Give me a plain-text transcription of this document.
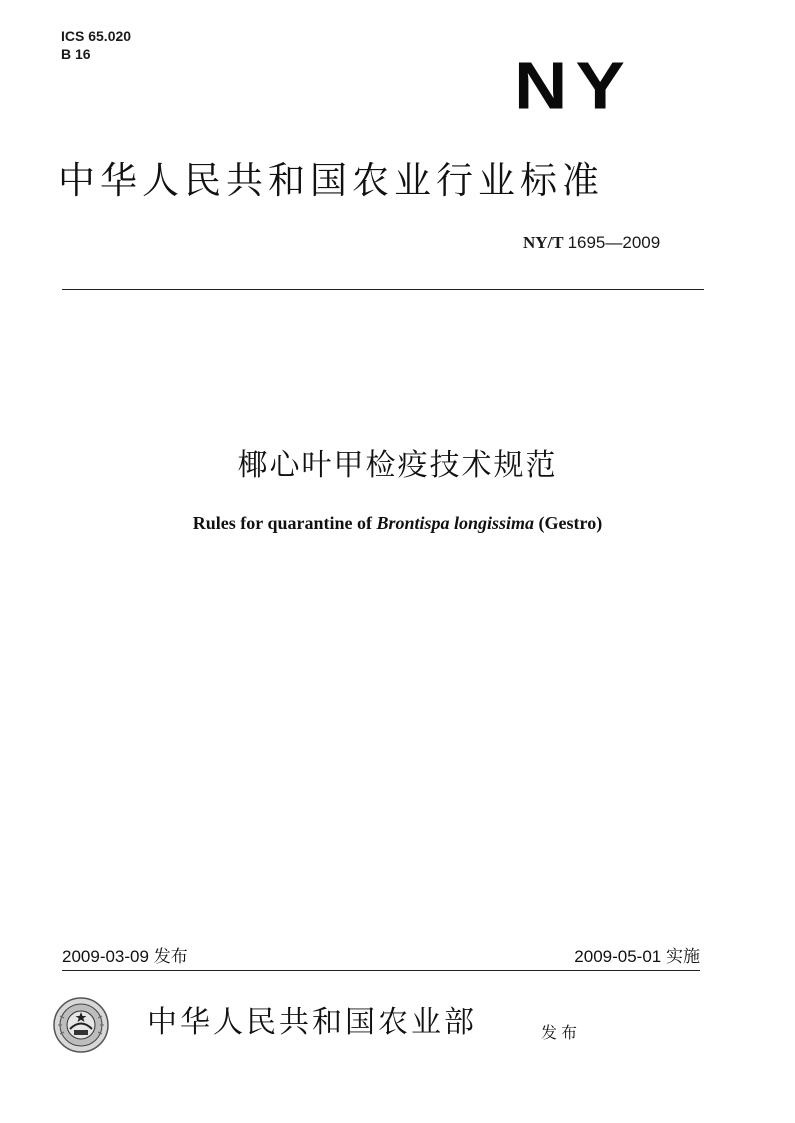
ICS 65.020
B 16	NY
中华人民共和国农业行业标准
NY/T 1695—2009
椰心叶甲检疫技术规范
Rules for quarantine of Brontispa longissima (Gestro)
2009-03-09 发布	2009-05-01 实施
中华人民共和国农业部	发布
